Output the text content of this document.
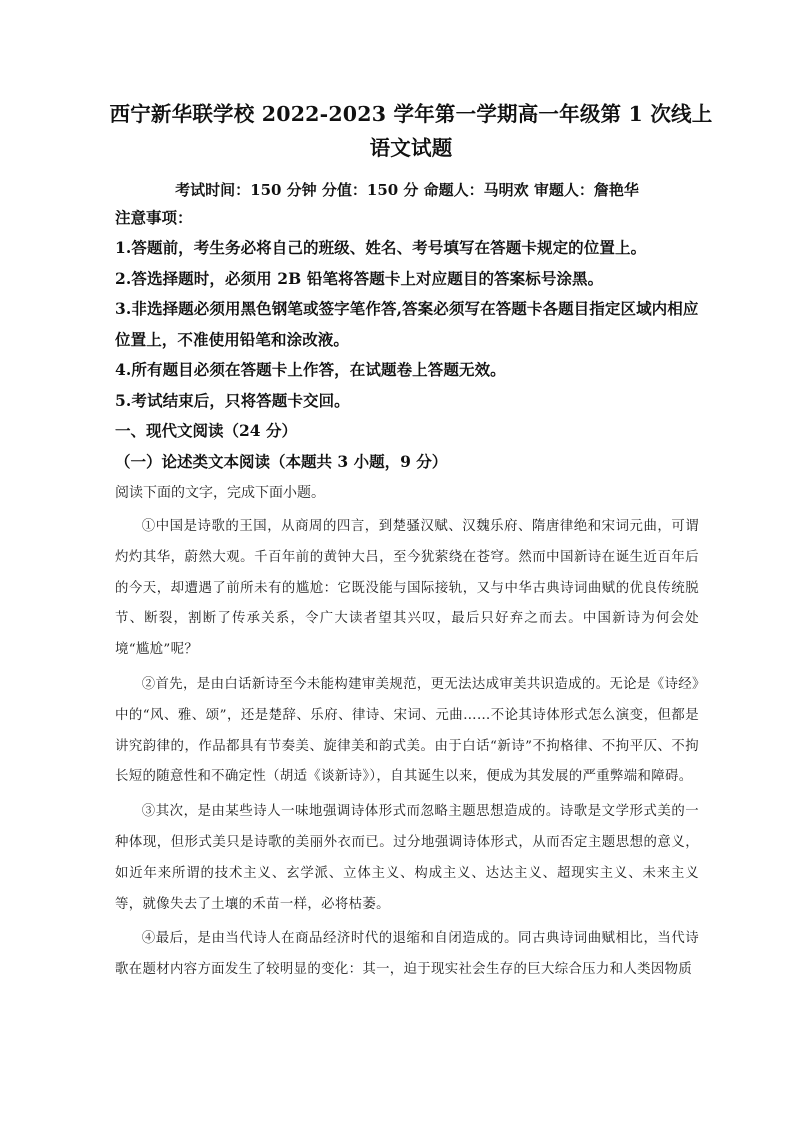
西宁新华联学校 2022-2023 学年第一学期高一年级第 1 次线上
语文试题
考试时间：150 分钟 分值：150 分 命题人：马明欢 审题人：詹艳华
注意事项：
1.答题前，考生务必将自己的班级、姓名、考号填写在答题卡规定的位置上。
2.答选择题时，必须用 2B 铅笔将答题卡上对应题目的答案标号涂黑。
3.非选择题必须用黑色钢笔或签字笔作答,答案必须写在答题卡各题目指定区域内相应位置上，不准使用铅笔和涂改液。
4.所有题目必须在答题卡上作答，在试题卷上答题无效。
5.考试结束后，只将答题卡交回。
一、现代文阅读（24 分）
（一）论述类文本阅读（本题共 3 小题，9 分）
阅读下面的文字，完成下面小题。

①中国是诗歌的王国，从商周的四言，到楚骚汉赋、汉魏乐府、隋唐律绝和宋词元曲，可谓灼灼其华，蔚然大观。千百年前的黄钟大吕，至今犹萦绕在苍穹。然而中国新诗在诞生近百年后的今天，却遭遇了前所未有的尴尬：它既没能与国际接轨，又与中华古典诗词曲赋的优良传统脱节、断裂，割断了传承关系，令广大读者望其兴叹，最后只好弃之而去。中国新诗为何会处境“尴尬”呢？

②首先，是由白话新诗至今未能构建审美规范，更无法达成审美共识造成的。无论是《诗经》中的“风、雅、颂”，还是楚辞、乐府、律诗、宋词、元曲……不论其诗体形式怎么演变，但都是讲究韵律的，作品都具有节奏美、旋律美和韵式美。由于白话“新诗”不拘格律、不拘平仄、不拘长短的随意性和不确定性（胡适《谈新诗》），自其诞生以来，便成为其发展的严重弊端和障碍。

③其次，是由某些诗人一味地强调诗体形式而忽略主题思想造成的。诗歌是文学形式美的一种体现，但形式美只是诗歌的美丽外衣而已。过分地强调诗体形式，从而否定主题思想的意义，如近年来所谓的技术主义、玄学派、立体主义、构成主义、达达主义、超现实主义、未来主义等，就像失去了土壤的禾苗一样，必将枯萎。

④最后，是由当代诗人在商品经济时代的退缩和自闭造成的。同古典诗词曲赋相比，当代诗歌在题材内容方面发生了较明显的变化：其一，迫于现实社会生存的巨大综合压力和人类因物质
